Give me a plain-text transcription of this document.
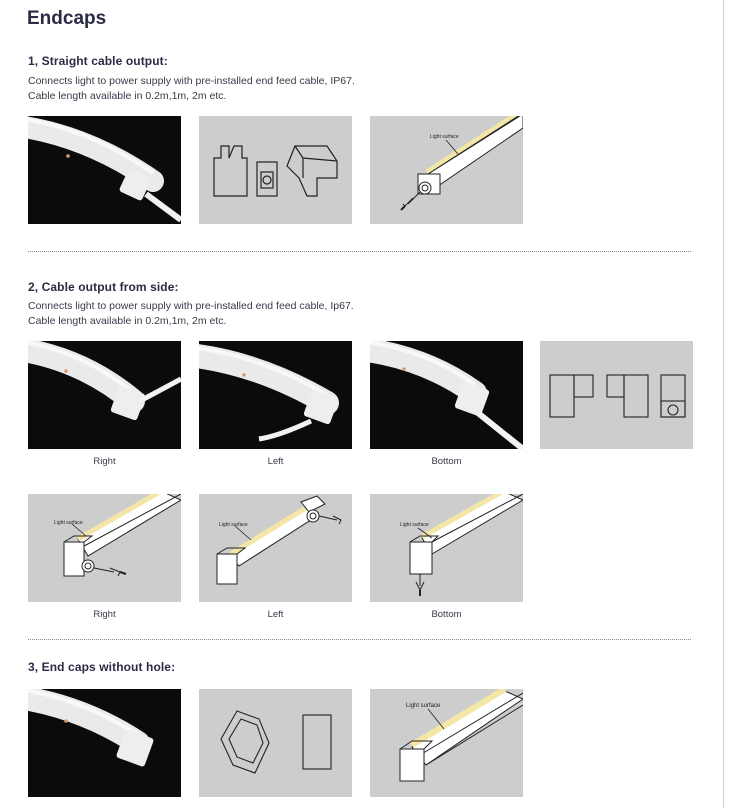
Endcaps
1, Straight cable output:
Connects light to power supply with pre-installed end feed cable, IP67.
Cable length available in 0.2m,1m, 2m etc.
Light surface
2, Cable output from side:
Connects light to power supply with pre-installed end feed cable, Ip67.
Cable length available in 0.2m,1m, 2m etc.
Right	Left	Bottom
Light surface	Light surface	Light surface
Right	Left	Bottom
3, End caps without hole:
Light surface
